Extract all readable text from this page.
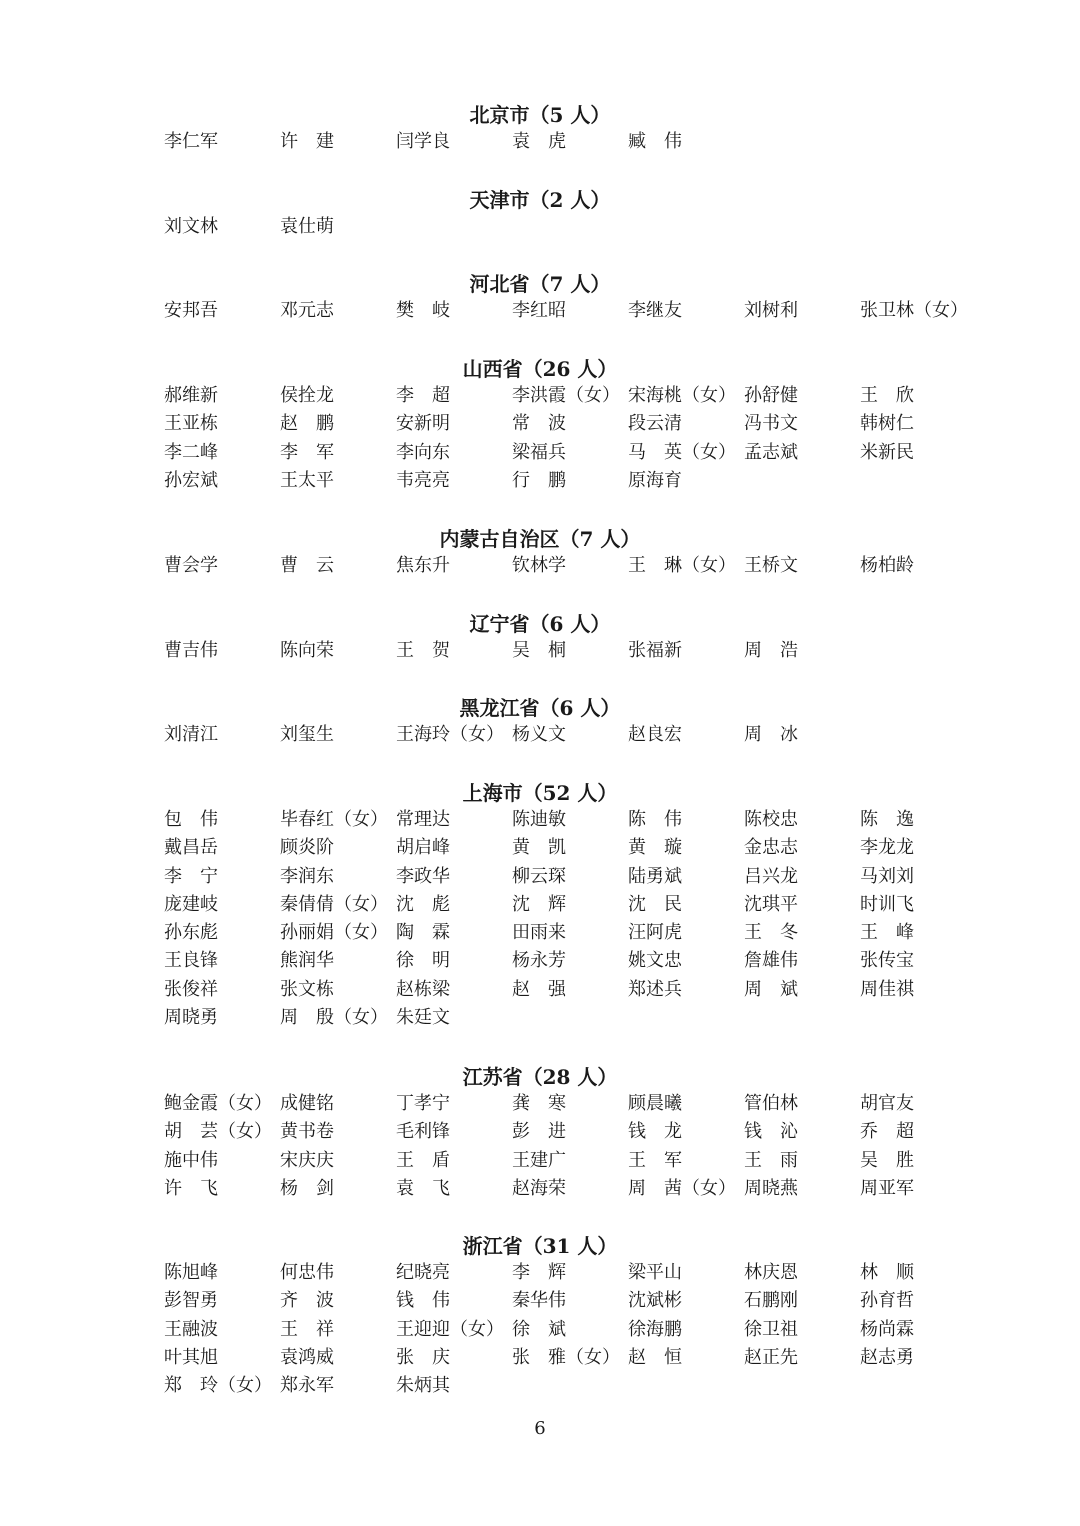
北京市（5 人）
李仁军	许　建	闫学良	袁　虎	臧　伟
天津市（2 人）
刘文林	袁仕萌
河北省（7 人）
安邦吾	邓元志	樊　岐	李红昭	李继友	刘树利	张卫林（女）
山西省（26 人）
郝维新	侯拴龙	李　超	李洪霞（女） 宋海桃（女） 孙舒健	王　欣
王亚栋	赵　鹏	安新明	常　波	段云清	冯书文	韩树仁
李二峰	李　军	李向东	梁福兵	马　英（女） 孟志斌	米新民
孙宏斌	王太平	韦亮亮	行　鹏	原海育
内蒙古自治区（7 人）
曹会学	曹　云	焦东升	钦林学	王　琳（女） 王桥文	杨柏龄
辽宁省（6 人）
曹吉伟	陈向荣	王　贺	吴　桐	张福新	周　浩
黑龙江省（6 人）
刘清江	刘玺生	王海玲（女） 杨义文	赵良宏	周　冰
上海市（52 人）
包　伟	毕春红（女） 常理达	陈迪敏	陈　伟	陈校忠	陈　逸
戴昌岳	顾炎阶	胡启峰	黄　凯	黄　璇	金忠志	李龙龙
李　宁	李润东	李政华	柳云琛	陆勇斌	吕兴龙	马刘刘
庞建岐	秦倩倩（女） 沈　彪	沈　辉	沈　民	沈琪平	时训飞
孙东彪	孙丽娟（女） 陶　霖	田雨来	汪阿虎	王　冬	王　峰
王良锋	熊润华	徐　明	杨永芳	姚文忠	詹雄伟	张传宝
张俊祥	张文栋	赵栋梁	赵　强	郑述兵	周　斌	周佳祺
周晓勇	周　殷（女） 朱廷文
江苏省（28 人）
鲍金霞（女） 成健铭	丁孝宁	龚　寒	顾晨曦	管伯林	胡官友
胡　芸（女） 黄书卷	毛利锋	彭　进	钱　龙	钱　沁	乔　超
施中伟	宋庆庆	王　盾	王建广	王　军	王　雨	吴　胜
许　飞	杨　剑	袁　飞	赵海荣	周　茜（女） 周晓燕	周亚军
浙江省（31 人）
陈旭峰	何忠伟	纪晓亮	李　辉	梁平山	林庆恩	林　顺
彭智勇	齐　波	钱　伟	秦华伟	沈斌彬	石鹏刚	孙育哲
王融波	王　祥	王迎迎（女） 徐　斌	徐海鹏	徐卫祖	杨尚霖
叶其旭	袁鸿威	张　庆	张　雅（女） 赵　恒	赵正先	赵志勇
郑　玲（女） 郑永军	朱炳其
6
